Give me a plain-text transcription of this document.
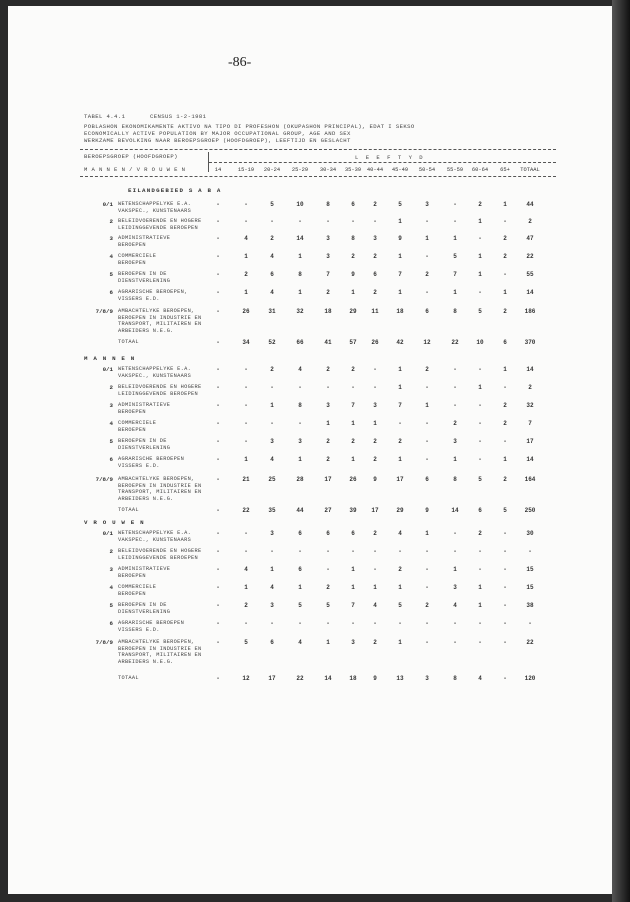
-86-
TABEL 4.4.1	CENSUS 1-2-1981
POBLASHON EKONOMIKAMENTE AKTIVO NA TIPO DI PROFESHON (OKUPASHON PRINCIPAL), EDAT I SEKSO
ECONOMICALLY ACTIVE POPULATION BY MAJOR OCCUPATIONAL GROUP, AGE AND SEX
WERKZAME BEVOLKING NAAR BEROEPSGROEP (HOOFDGROEP), LEEFTIJD EN GESLACHT
BEROEPSGROEP (HOOFDGROEP)	L E E F T Y D
M A N N E N / V R O U W E N	14	15-19	20-24	25-29	30-34	35-39	40-44	45-49	50-54	55-59	60-64	65+	TOTAAL
EILANDGEBIED S A B A
0/1 WETENSCHAPPELYKE E.A.
VAKSPEC., KUNSTENAARS
-	-	5	10	8	6	2	5	3	-	2	1	44
2 BELEIDVOERENDE EN HOGERE
LEIDINGGEVENDE BEROEPEN
-	-	-	-	-	-	-	1	-	-	1	-	2
3 ADMINISTRATIEVE
BEROEPEN
-	4	2	14	3	8	3	9	1	1	-	2	47
4 COMMERCIELE
BEROEPEN
-	1	4	1	3	2	2	1	-	5	1	2	22
5 BEROEPEN IN DE
DIENSTVERLENING
-	2	6	8	7	9	6	7	2	7	1	-	55
6 AGRARISCHE BEROEPEN,
VISSERS E.D.
-	1	4	1	2	1	2	1	-	1	-	1	14
7/8/9 AMBACHTELYKE BEROEPEN,
BEROEPEN IN INDUSTRIE EN
TRANSPORT, MILITAIREN EN
ARBEIDERS N.E.G.
-	26	31	32	18	29	11	18	6	8	5	2	186
TOTAAL	-	34	52	66	41	57	26	42	12	22	10	6	370
M A N N E N
0/1 WETENSCHAPPELYKE E.A.
VAKSPEC., KUNSTENAARS
-	-	2	4	2	2	-	1	2	-	-	1	14
2 BELEIDVOERENDE EN HOGERE
LEIDINGGEVENDE BEROEPEN
-	-	-	-	-	-	-	1	-	-	1	-	2
3 ADMINISTRATIEVE
BEROEPEN
-	-	1	8	3	7	3	7	1	-	-	2	32
4 COMMERCIELE
BEROEPEN
-	-	-	-	1	1	1	-	-	2	-	2	7
5 BEROEPEN IN DE
DIENSTVERLENING
-	-	3	3	2	2	2	2	-	3	-	-	17
6 AGRARISCHE BEROEPEN
VISSERS E.D.
-	1	4	1	2	1	2	1	-	1	-	1	14
7/8/9 AMBACHTELYKE BEROEPEN,
BEROEPEN IN INDUSTRIE EN
TRANSPORT, MILITAIREN EN
ARBEIDERS N.E.G.
-	21	25	28	17	26	9	17	6	8	5	2	164
TOTAAL	-	22	35	44	27	39	17	29	9	14	6	5	250
V R O U W E N
0/1 WETENSCHAPPELYKE E.A.
VAKSPEC., KUNSTENAARS
-	-	3	6	6	6	2	4	1	-	2	-	30
2 BELEIDVOERENDE EN HOGERE
LEIDINGGEVENDE BEROEPEN
-	-	-	-	-	-	-	-	-	-	-	-	-
3 ADMINISTRATIEVE
BEROEPEN
-	4	1	6	-	1	-	2	-	1	-	-	15
4 COMMERCIELE
BEROEPEN
-	1	4	1	2	1	1	1	-	3	1	-	15
5 BEROEPEN IN DE
DIENSTVERLENING
-	2	3	5	5	7	4	5	2	4	1	-	38
6 AGRARISCHE BEROEPEN
VISSERS E.D.
-	-	-	-	-	-	-	-	-	-	-	-	-
7/8/9 AMBACHTELYKE BEROEPEN,
BEROEPEN IN INDUSTRIE EN
TRANSPORT, MILITAIREN EN
ARBEIDERS N.E.G.
-	5	6	4	1	3	2	1	-	-	-	-	22
TOTAAL	-	12	17	22	14	18	9	13	3	8	4	-	120
